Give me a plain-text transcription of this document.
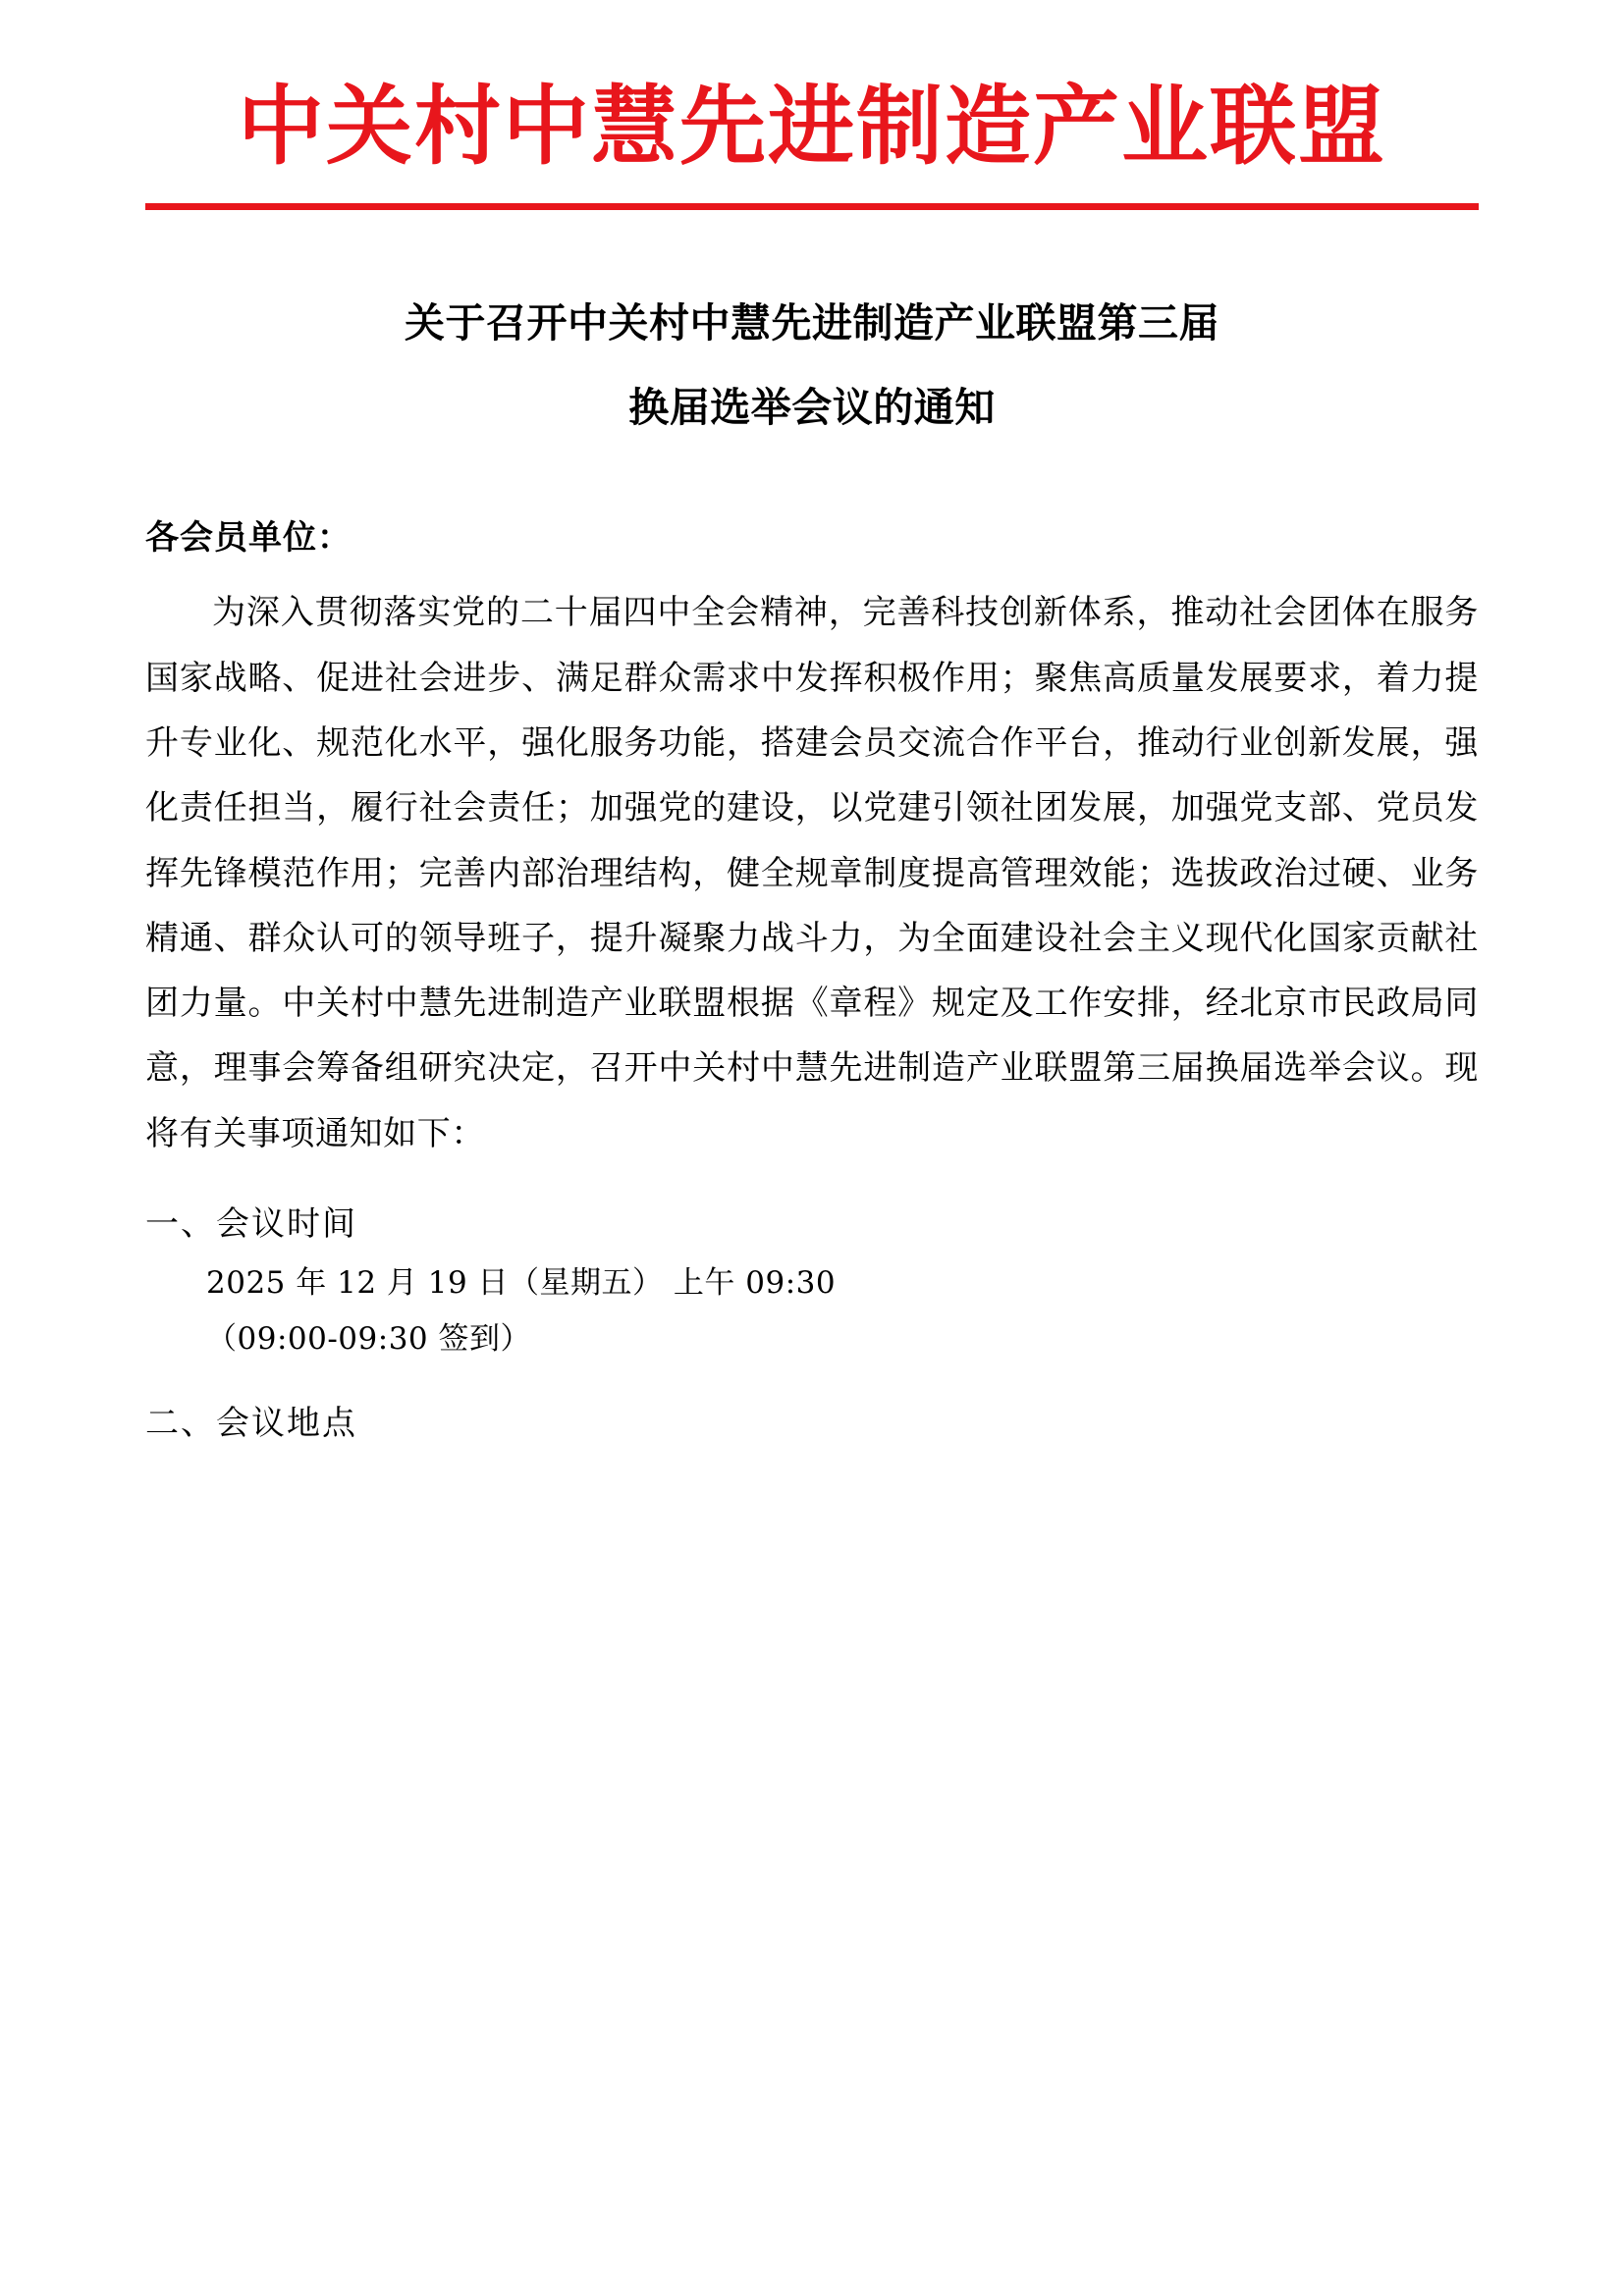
中关村中慧先进制造产业联盟
关于召开中关村中慧先进制造产业联盟第三届
换届选举会议的通知
各会员单位：
为深入贯彻落实党的二十届四中全会精神，完善科技创新体系，推动社会团体在服务国家战略、促进社会进步、满足群众需求中发挥积极作用；聚焦高质量发展要求，着力提升专业化、规范化水平，强化服务功能，搭建会员交流合作平台，推动行业创新发展，强化责任担当，履行社会责任；加强党的建设，以党建引领社团发展，加强党支部、党员发挥先锋模范作用；完善内部治理结构，健全规章制度提高管理效能；选拔政治过硬、业务精通、群众认可的领导班子，提升凝聚力战斗力，为全面建设社会主义现代化国家贡献社团力量。中关村中慧先进制造产业联盟根据《章程》规定及工作安排，经北京市民政局同意，理事会筹备组研究决定，召开中关村中慧先进制造产业联盟第三届换届选举会议。现将有关事项通知如下：
一、会议时间
2025 年 12 月 19 日（星期五） 上午 09:30
（09:00-09:30 签到）
二、会议地点
